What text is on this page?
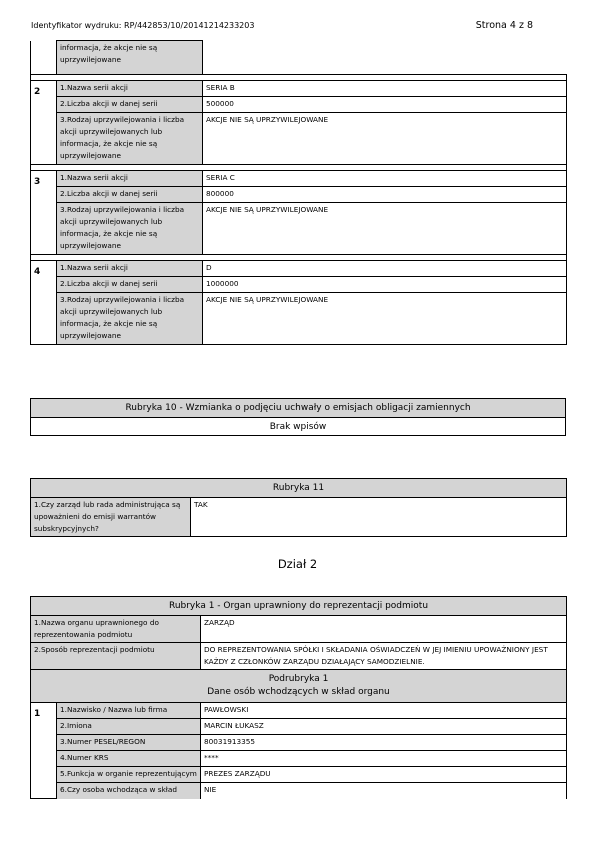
Identyfikator wydruku: RP/442853/10/20141214233203	Strona 4 z 8
	informacja, że akcje nie są uprzywilejowane	

2	1.Nazwa serii akcji	SERIA B
	2.Liczba akcji w danej serii	500000
	3.Rodzaj uprzywilejowania i liczba akcji uprzywilejowanych lub informacja, że akcje nie są uprzywilejowane	AKCJE NIE SĄ UPRZYWILEJOWANE

3	1.Nazwa serii akcji	SERIA C
	2.Liczba akcji w danej serii	800000
	3.Rodzaj uprzywilejowania i liczba akcji uprzywilejowanych lub informacja, że akcje nie są uprzywilejowane	AKCJE NIE SĄ UPRZYWILEJOWANE

4	1.Nazwa serii akcji	D
	2.Liczba akcji w danej serii	1000000
	3.Rodzaj uprzywilejowania i liczba akcji uprzywilejowanych lub informacja, że akcje nie są uprzywilejowane	AKCJE NIE SĄ UPRZYWILEJOWANE
Rubryka 10 - Wzmianka o podjęciu uchwały o emisjach obligacji zamiennych
Brak wpisów
Rubryka 11
1.Czy zarząd lub rada administrująca są upoważnieni do emisji warrantów subskrypcyjnych?	TAK
Dział 2
Rubryka 1 - Organ uprawniony do reprezentacji podmiotu		
1.Nazwa organu uprawnionego do reprezentowania podmiotu		ZARZĄD
2.Sposób reprezentacji podmiotu		DO REPREZENTOWANIA SPÓŁKI I SKŁADANIA OŚWIADCZEŃ W JEJ IMIENIU UPOWAŻNIONY JEST KAŻDY Z CZŁONKÓW ZARZĄDU DZIAŁAJĄCY SAMODZIELNIE.

Podrubryka 1
Dane osób wchodzących w skład organu		

1	1.Nazwisko / Nazwa lub firma	PAWŁOWSKI
	2.Imiona	MARCIN ŁUKASZ
	3.Numer PESEL/REGON	80031913355
	4.Numer KRS	****
	5.Funkcja w organie reprezentującym	PREZES ZARZĄDU
	6.Czy osoba wchodząca w skład	NIE
